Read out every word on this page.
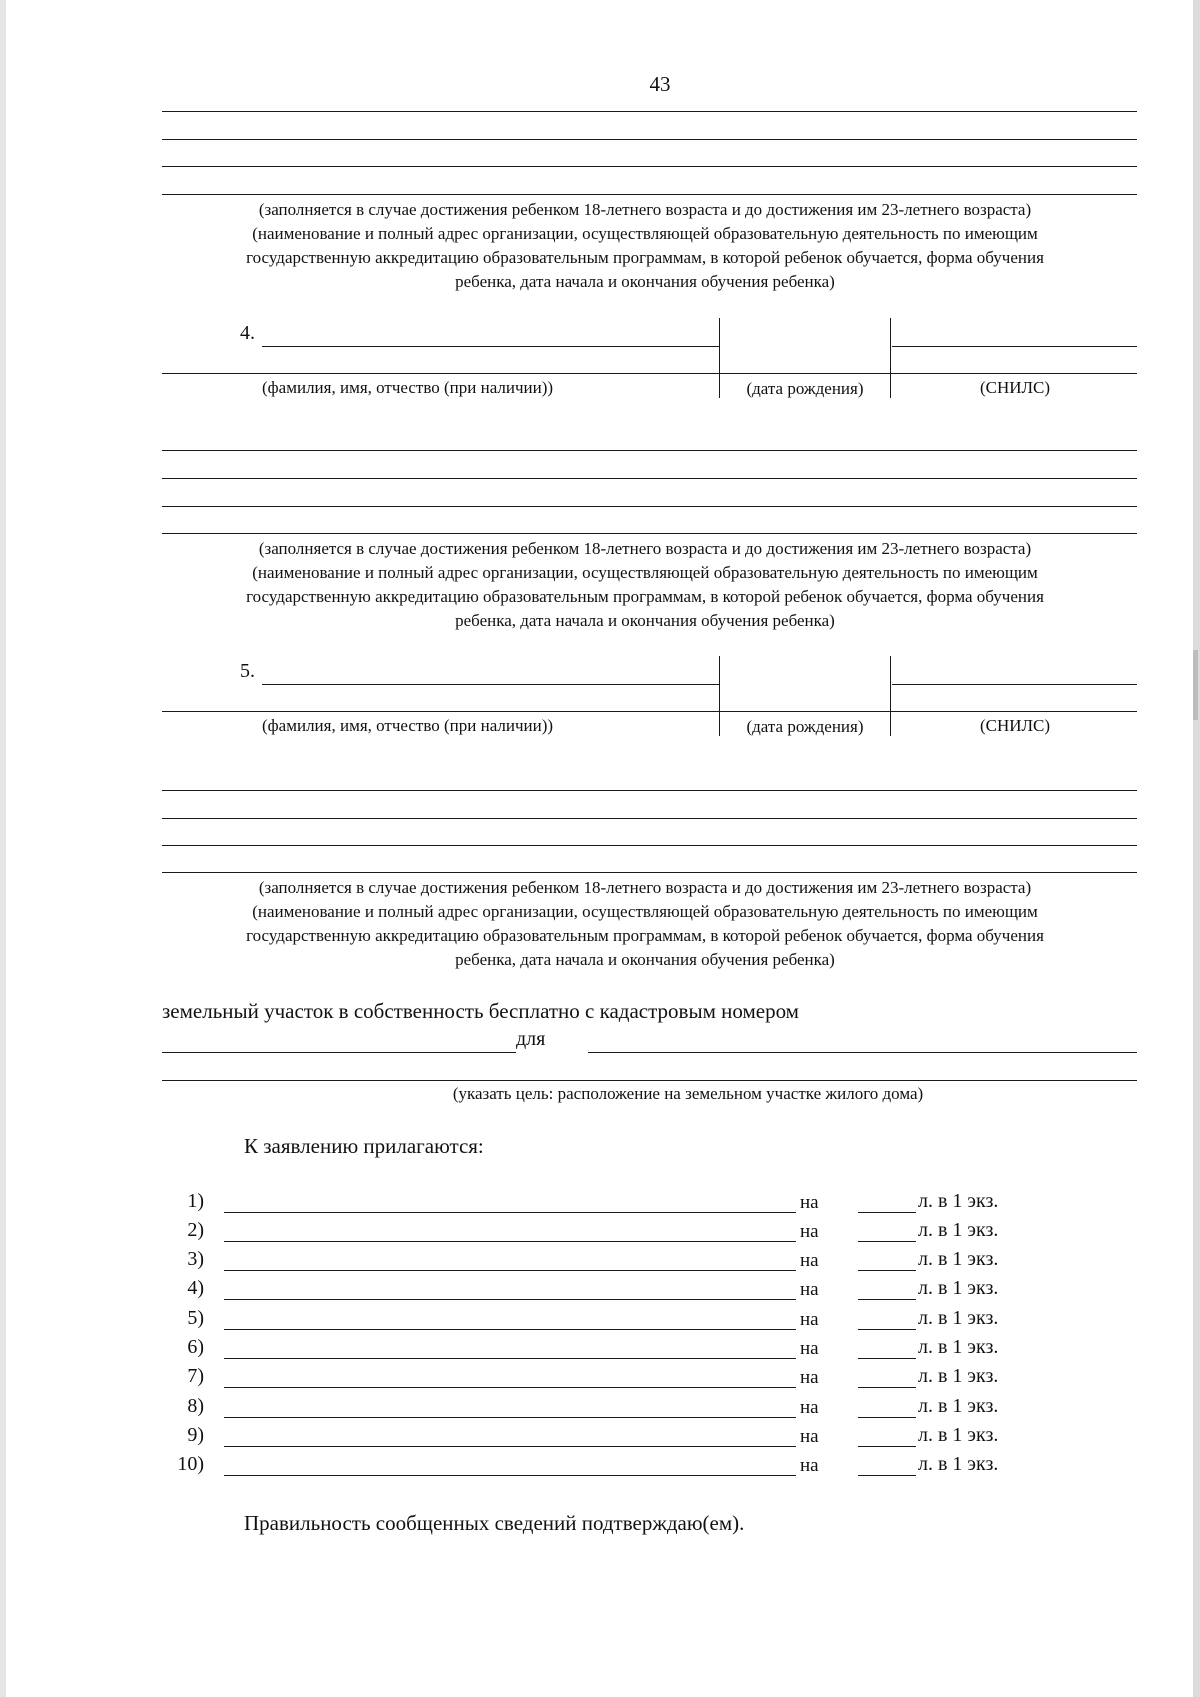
43
(заполняется в случае достижения ребенком 18-летнего возраста и до достижения им 23-летнего возраста)
(наименование и полный адрес организации, осуществляющей образовательную деятельность по имеющим
государственную аккредитацию образовательным программам, в которой ребенок обучается, форма обучения
ребенка, дата начала и окончания обучения ребенка)
4.
(фамилия, имя, отчество (при наличии))	(дата рождения)	(СНИЛС)
(заполняется в случае достижения ребенком 18-летнего возраста и до достижения им 23-летнего возраста)
(наименование и полный адрес организации, осуществляющей образовательную деятельность по имеющим
государственную аккредитацию образовательным программам, в которой ребенок обучается, форма обучения
ребенка, дата начала и окончания обучения ребенка)
5.
(фамилия, имя, отчество (при наличии))	(дата рождения)	(СНИЛС)
(заполняется в случае достижения ребенком 18-летнего возраста и до достижения им 23-летнего возраста)
(наименование и полный адрес организации, осуществляющей образовательную деятельность по имеющим
государственную аккредитацию образовательным программам, в которой ребенок обучается, форма обучения
ребенка, дата начала и окончания обучения ребенка)
земельный участок в собственность бесплатно с кадастровым номером
для
(указать цель: расположение на земельном участке жилого дома)
К заявлению прилагаются:
1)	на	л. в 1 экз.
2)	на	л. в 1 экз.
3)	на	л. в 1 экз.
4)	на	л. в 1 экз.
5)	на	л. в 1 экз.
6)	на	л. в 1 экз.
7)	на	л. в 1 экз.
8)	на	л. в 1 экз.
9)	на	л. в 1 экз.
10)	на	л. в 1 экз.
Правильность сообщенных сведений подтверждаю(ем).
